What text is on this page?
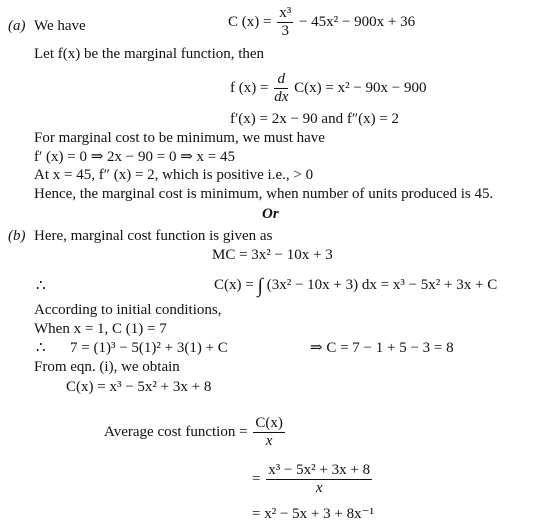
(a) We have	C $(x) = \frac{\text{x³}}{3} - 45x^2 - 900x + 36$
Let f(x) be the marginal function, then
f $(x) = \frac{d}{dx} C(x) = x^2 - 90x - 900$
f′(x) = 2x − 90 and f″(x) = 2
For marginal cost to be minimum, we must have
f′ (x) = 0 ⇒ 2x − 90 = 0 ⇒ x = 45
At x = 45, f″ (x) = 2, which is positive i.e., > 0
Hence, the marginal cost is minimum, when number of units produced is 45.
Or
(b) Here, marginal cost function is given as
MC = 3x² − 10x + 3
∴	C(x) = ∫ (3x² − 10x + 3) dx = x³ − 5x² + 3x + C
According to initial conditions,
When x = 1, C (1) = 7
∴ 7 = (1)³ − 5(1)² + 3(1) + C	⇒ C = 7 − 1 + 5 − 3 = 8
From eqn. (i), we obtain
C(x) = x³ − 5x² + 3x + 8
Average cost function = $\frac{C(x)}{x}$
= $\frac{\text{x³ − 5x² + 3x + 8}}{x}$
= x² − 5x + 3 + 8x⁻¹
